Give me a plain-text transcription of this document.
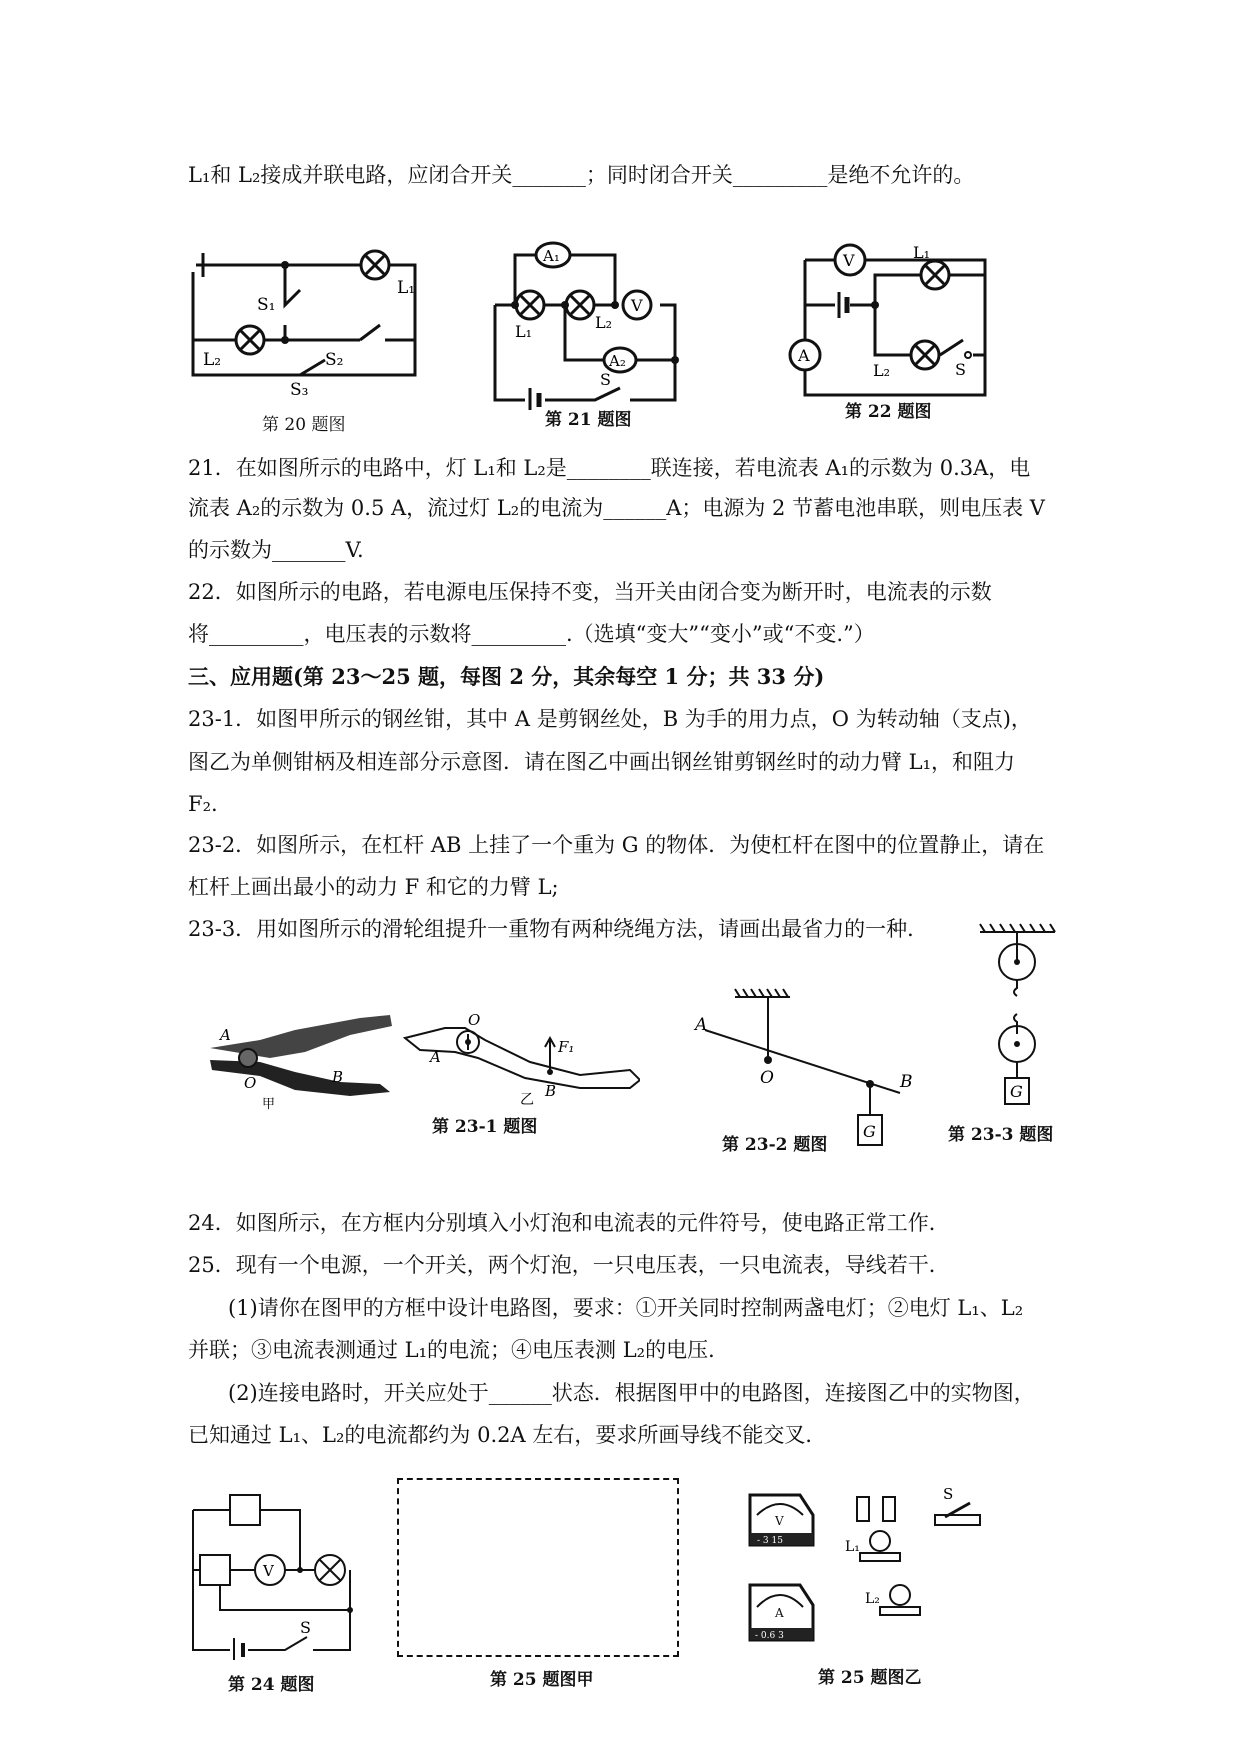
L₁和 L₂接成并联电路，应闭合开关_______；同时闭合开关_________是绝不允许的。
21．在如图所示的电路中，灯 L₁和 L₂是________联连接，若电流表 A₁的示数为 0.3A，电
流表 A₂的示数为 0.5 A，流过灯 L₂的电流为______A；电源为 2 节蓄电池串联，则电压表 V
的示数为_______V.
22．如图所示的电路，若电源电压保持不变，当开关由闭合变为断开时，电流表的示数
将_________，电压表的示数将_________.（选填“变大”“变小”或“不变.”）
三、应用题(第 23～25 题，每图 2 分，其余每空 1 分；共 33 分)
23-1．如图甲所示的钢丝钳，其中 A 是剪钢丝处，B 为手的用力点，O 为转动轴（支点)，
图乙为单侧钳柄及相连部分示意图．请在图乙中画出钢丝钳剪钢丝时的动力臂 L₁，和阻力
F₂.
23-2．如图所示，在杠杆 AB 上挂了一个重为 G 的物体．为使杠杆在图中的位置静止，请在
杠杆上画出最小的动力 F 和它的力臂 L;
23-3．用如图所示的滑轮组提升一重物有两种绕绳方法，请画出最省力的一种．
24．如图所示，在方框内分别填入小灯泡和电流表的元件符号，使电路正常工作．
25．现有一个电源，一个开关，两个灯泡，一只电压表，一只电流表，导线若干．
(1)请你在图甲的方框中设计电路图，要求：①开关同时控制两盏电灯；②电灯 L₁、L₂
并联；③电流表测通过 L₁的电流；④电压表测 L₂的电压．
(2)连接电路时，开关应处于______状态．根据图甲中的电路图，连接图乙中的实物图，
已知通过 L₁、L₂的电流都约为 0.2A 左右，要求所画导线不能交叉．
L₁
L₂
S₁
S₂
S₃
第 20 题图
A₁
V
A₂
L₁	L₂
S
第 21 题图
V
A
L₁
L₂	S
第 22 题图
A
O	B
甲
O
A
F₁
B
乙
第 23-1 题图
A
O	B
G
第 23-2 题图
G
第 23-3 题图
V
S
第 24 题图	第 25 题图甲
V
- 3 15
S
L₁
A
- 0.6 3
L₂
第 25 题图乙
